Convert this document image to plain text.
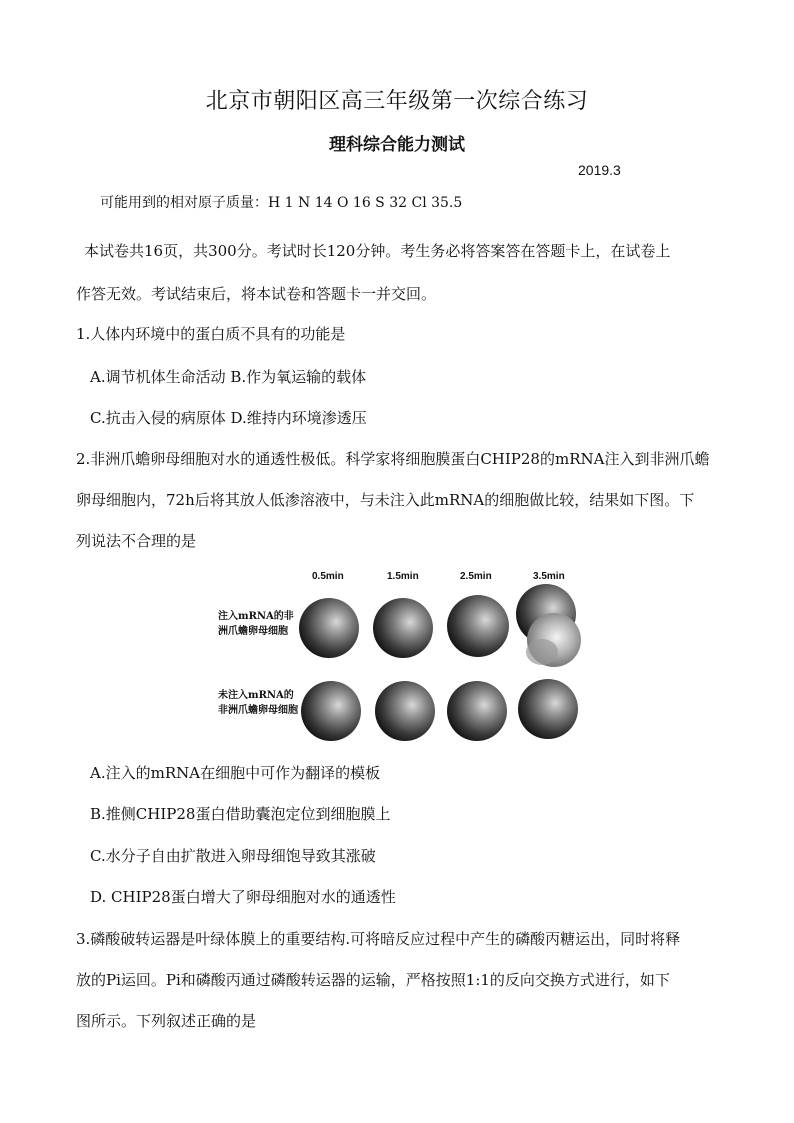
北京市朝阳区高三年级第一次综合练习
理科综合能力测试
2019.3
可能用到的相对原子质量：H 1 N 14 O 16 S 32 Cl 35.5
本试卷共16页，共300分。考试时长120分钟。考生务必将答案答在答题卡上，在试卷上
作答无效。考试结束后，将本试卷和答题卡一并交回。
1.人体内环境中的蛋白质不具有的功能是
A.调节机体生命活动 B.作为氧运输的载体
C.抗击入侵的病原体 D.维持内环境渗透压
2.非洲爪蟾卵母细胞对水的通透性极低。科学家将细胞膜蛋白CHIP28的mRNA注入到非洲爪蟾
卵母细胞内，72h后将其放人低渗溶液中，与未注入此mRNA的细胞做比较，结果如下图。下
列说法不合理的是
0.5min	1.5min	2.5min	3.5min
注入mRNA的非洲爪蟾卵母细胞
未注入mRNA的非洲爪蟾卵母细胞
A.注入的mRNA在细胞中可作为翻译的模板
B.推侧CHIP28蛋白借助囊泡定位到细胞膜上
C.水分子自由扩散进入卵母细饱导致其涨破
D. CHIP28蛋白增大了卵母细胞对水的通透性
3.磷酸破转运器是叶绿体膜上的重要结构.可将暗反应过程中产生的磷酸丙糖运出，同时将释
放的Pi运回。Pi和磷酸丙通过磷酸转运器的运输，严格按照1:1的反向交换方式进行，如下
图所示。下列叙述正确的是
